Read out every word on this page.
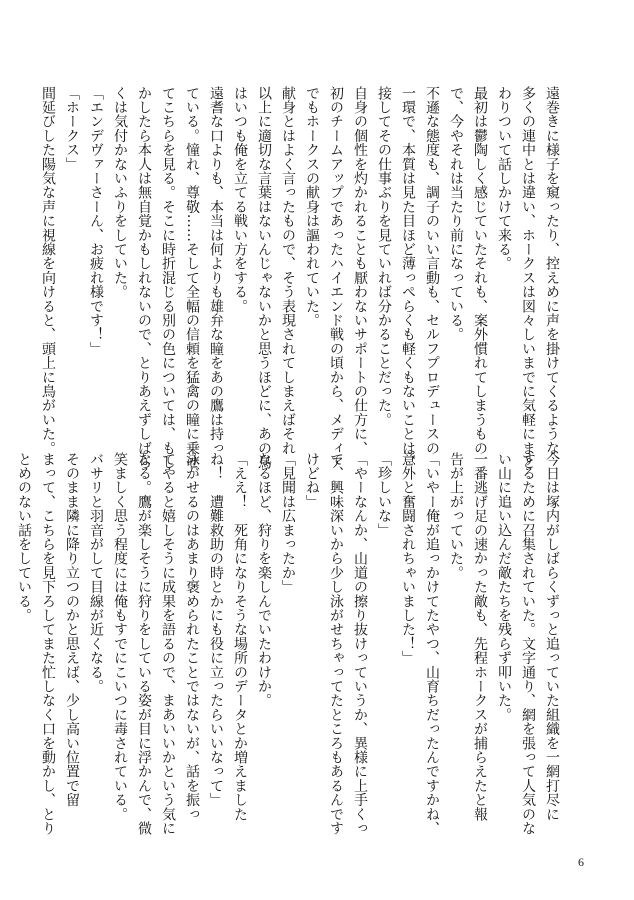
遠巻きに様子を窺ったり、控えめに声を掛けてくるような

多くの連中とは違い、ホークスは図々しいまでに気軽にまと

わりついて話しかけて来る。

最初は鬱陶しく感じていたそれも、案外慣れてしまうもの

で、今やそれは当たり前になっている。

不遜な態度も、調子のいい言動も、セルフプロデュースの

一環で、本質は見た目ほど薄っぺらくも軽くもないことは、

接してその仕事ぶりを見ていれば分かることだった。

自身の個性を灼かれることも厭わないサポートの仕方に、

初のチームアップであったハイエンド戦の頃から、メディア

でもホークスの献身は謳われていた。

献身とはよく言ったもので、そう表現されてしまえばそれ

以上に適切な言葉はないんじゃないかと思うほどに、あの鳥

はいつも俺を立てる戦い方をする。

遠耆な口よりも、本当は何よりも雄弁な瞳をあの鷹は持っ

ている。憧れ、尊敬……そして全幅の信頼を猛禽の瞳に乗せ

てこちらを見る。そこに時折混じる別の色については、もし

かしたら本人は無自覚かもしれないので、とりあえずしばら

くは気付かないふりをしていた。

「エンデヴァーさーん、お疲れ様です！」

「ホークス」

間延びした陽気な声に視線を向けると、頭上に鳥がいた。

今日は塚内がしばらくずっと追っていた組織を一網打尽に

するために召集されていた。文字通り、網を張って人気のな

い山に追い込んだ敵たちを残らず叩いた。

一番逃げ足の速かった敵も、先程ホークスが捕らえたと報

告が上がっていた。

「いやー俺が追っかけてたやつ、山育ちだったんですかね、

意外と奮闘されちゃいました！」

「珍しいな」

「やーなんか、山道の擦り抜けっていうか、異様に上手くっ

て、興味深いから少し泳がせちゃってたところもあるんです

けどね」

「見聞は広まったか」

なるほど、狩りを楽しんでいたわけか。

「ええ！　死角になりそうな場所のデータとか増えました

ね！　遭難救助の時とかにも役に立ったらいいなって」

泳がせるのはあまり褒められたことではないが、話を振っ

てやると嬉しそうに成果を語るので、まあいいかという気に

なる。鷹が楽しそうに狩りをしている姿が目に浮かんで、微

笑ましく思う程度には俺もすでにこいつに毒されている。

バサリと羽音がして目線が近くなる。

そのまま隣に降り立つのかと思えば、少し高い位置で留

まって、こちらを見下ろしてまた忙しなく口を動かし、とり

とめのない話をしている。

6
